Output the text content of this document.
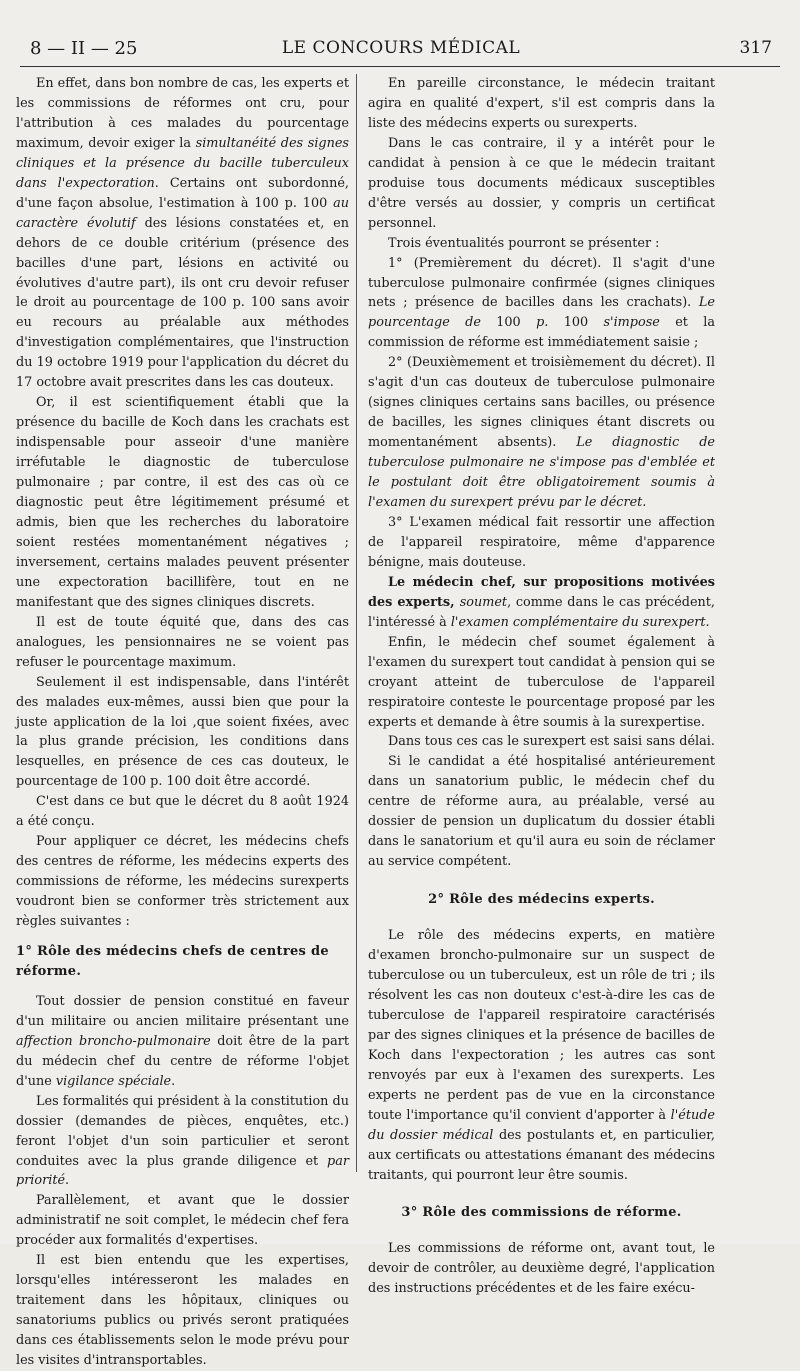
8 — II — 25	LE CONCOURS MÉDICAL	317

En effet, dans bon nombre de cas, les experts et les commissions de réformes ont cru, pour l'attribution à ces malades du pourcentage maximum, devoir exiger la simultanéité des signes cliniques et la présence du bacille tuberculeux dans l'expectoration. Certains ont subordonné, d'une façon absolue, l'estimation à 100 p. 100 au caractère évolutif des lésions constatées et, en dehors de ce double critérium (présence des bacilles d'une part, lésions en activité ou évolutives d'autre part), ils ont cru devoir refuser le droit au pourcentage de 100 p. 100 sans avoir eu recours au préalable aux méthodes d'investigation complémentaires, que l'instruction du 19 octobre 1919 pour l'application du décret du 17 octobre avait prescrites dans les cas douteux.

Or, il est scientifiquement établi que la présence du bacille de Koch dans les crachats est indispensable pour asseoir d'une manière irréfutable le diagnostic de tuberculose pulmonaire ; par contre, il est des cas où ce diagnostic peut être légitimement présumé et admis, bien que les recherches du laboratoire soient restées momentanément négatives ; inversement, certains malades peuvent présenter une expectoration bacillifère, tout en ne manifestant que des signes cliniques discrets.

Il est de toute équité que, dans des cas analogues, les pensionnaires ne se voient pas refuser le pourcentage maximum.

Seulement il est indispensable, dans l'intérêt des malades eux-mêmes, aussi bien que pour la juste application de la loi ,que soient fixées, avec la plus grande précision, les conditions dans lesquelles, en présence de ces cas douteux, le pourcentage de 100 p. 100 doit être accordé.

C'est dans ce but que le décret du 8 août 1924 a été conçu.

Pour appliquer ce décret, les médecins chefs des centres de réforme, les médecins experts des commissions de réforme, les médecins surexperts voudront bien se conformer très strictement aux règles suivantes :

1° Rôle des médecins chefs de centres de réforme.

Tout dossier de pension constitué en faveur d'un militaire ou ancien militaire présentant une affection broncho-pulmonaire doit être de la part du médecin chef du centre de réforme l'objet d'une vigilance spéciale.

Les formalités qui président à la constitution du dossier (demandes de pièces, enquêtes, etc.) feront l'objet d'un soin particulier et seront conduites avec la plus grande diligence et par priorité.

Parallèlement, et avant que le dossier administratif ne soit complet, le médecin chef fera procéder aux formalités d'expertises.

Il est bien entendu que les expertises, lorsqu'elles intéresseront les malades en traitement dans les hôpitaux, cliniques ou sanatoriums publics ou privés seront pratiquées dans ces établissements selon le mode prévu pour les visites d'intransportables.

En pareille circonstance, le médecin traitant agira en qualité d'expert, s'il est compris dans la liste des médecins experts ou surexperts.

Dans le cas contraire, il y a intérêt pour le candidat à pension à ce que le médecin traitant produise tous documents médicaux susceptibles d'être versés au dossier, y compris un certificat personnel.

Trois éventualités pourront se présenter :

1° (Premièrement du décret). Il s'agit d'une tuberculose pulmonaire confirmée (signes cliniques nets ; présence de bacilles dans les crachats). Le pourcentage de 100 p. 100 s'impose et la commission de réforme est immédiatement saisie ;

2° (Deuxièmement et troisièmement du décret). Il s'agit d'un cas douteux de tuberculose pulmonaire (signes cliniques certains sans bacilles, ou présence de bacilles, les signes cliniques étant discrets ou momentanément absents). Le diagnostic de tuberculose pulmonaire ne s'impose pas d'emblée et le postulant doit être obligatoirement soumis à l'examen du surexpert prévu par le décret.

3° L'examen médical fait ressortir une affection de l'appareil respiratoire, même d'apparence bénigne, mais douteuse.

Le médecin chef, sur propositions motivées des experts, soumet, comme dans le cas précédent, l'intéressé à l'examen complémentaire du surexpert.

Enfin, le médecin chef soumet également à l'examen du surexpert tout candidat à pension qui se croyant atteint de tuberculose de l'appareil respiratoire conteste le pourcentage proposé par les experts et demande à être soumis à la surexpertise.

Dans tous ces cas le surexpert est saisi sans délai.

Si le candidat a été hospitalisé antérieurement dans un sanatorium public, le médecin chef du centre de réforme aura, au préalable, versé au dossier de pension un duplicatum du dossier établi dans le sanatorium et qu'il aura eu soin de réclamer au service compétent.

2° Rôle des médecins experts.

Le rôle des médecins experts, en matière d'examen broncho-pulmonaire sur un suspect de tuberculose ou un tuberculeux, est un rôle de tri ; ils résolvent les cas non douteux c'est-à-dire les cas de tuberculose de l'appareil respiratoire caractérisés par des signes cliniques et la présence de bacilles de Koch dans l'expectoration ; les autres cas sont renvoyés par eux à l'examen des surexperts. Les experts ne perdent pas de vue en la circonstance toute l'importance qu'il convient d'apporter à l'étude du dossier médical des postulants et, en particulier, aux certificats ou attestations émanant des médecins traitants, qui pourront leur être soumis.

3° Rôle des commissions de réforme.

Les commissions de réforme ont, avant tout, le devoir de contrôler, au deuxième degré, l'application des instructions précédentes et de les faire exécu-
